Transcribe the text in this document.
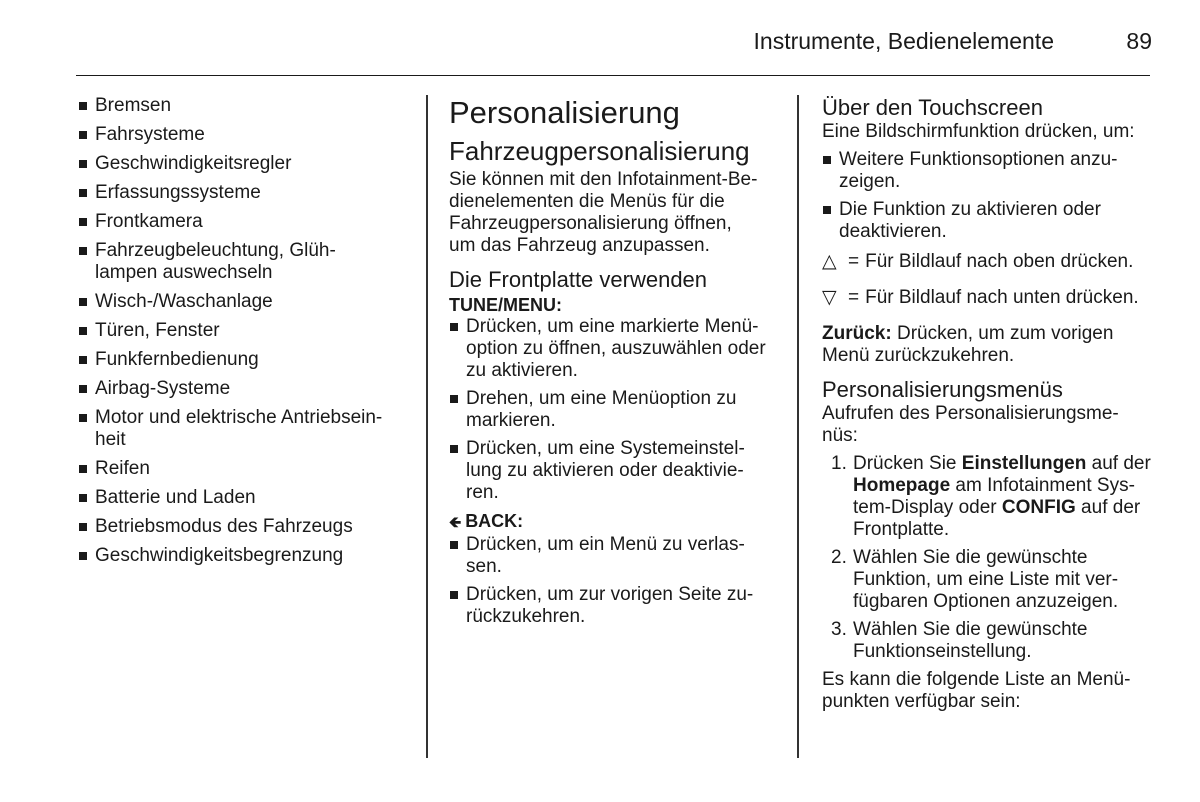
Instrumente, Bedienelemente	89
Bremsen
Fahrsysteme
Geschwindigkeitsregler
Erfassungssysteme
Frontkamera
Fahrzeugbeleuchtung, Glüh-
lampen auswechseln
Wisch-/Waschanlage
Türen, Fenster
Funkfernbedienung
Airbag-Systeme
Motor und elektrische Antriebsein-
heit
Reifen
Batterie und Laden
Betriebsmodus des Fahrzeugs
Geschwindigkeitsbegrenzung
Personalisierung
Fahrzeugpersonalisierung

Sie können mit den Infotainment-Be-
dienelementen die Menüs für die
Fahrzeugpersonalisierung öffnen,
um das Fahrzeug anzupassen.

Die Frontplatte verwenden
TUNE/MENU:
Drücken, um eine markierte Menü-
option zu öffnen, auszuwählen oder
zu aktivieren.
Drehen, um eine Menüoption zu
markieren.
Drücken, um eine Systemeinstel-
lung zu aktivieren oder deaktivie-
ren.
🡸 BACK:
Drücken, um ein Menü zu verlas-
sen.
Drücken, um zur vorigen Seite zu-
rückzukehren.
Über den Touchscreen

Eine Bildschirmfunktion drücken, um:

Weitere Funktionsoptionen anzu-
zeigen.
Die Funktion zu aktivieren oder
deaktivieren.
△ = Für Bildlauf nach oben drücken.
▽ = Für Bildlauf nach unten drücken.

Zurück: Drücken, um zum vorigen
Menü zurückzukehren.

Personalisierungsmenüs

Aufrufen des Personalisierungsme-
nüs:

1. Drücken Sie Einstellungen auf der
Homepage am Infotainment Sys-
tem-Display oder CONFIG auf der
Frontplatte.
2. Wählen Sie die gewünschte
Funktion, um eine Liste mit ver-
fügbaren Optionen anzuzeigen.
3. Wählen Sie die gewünschte
Funktionseinstellung.

Es kann die folgende Liste an Menü-
punkten verfügbar sein:
